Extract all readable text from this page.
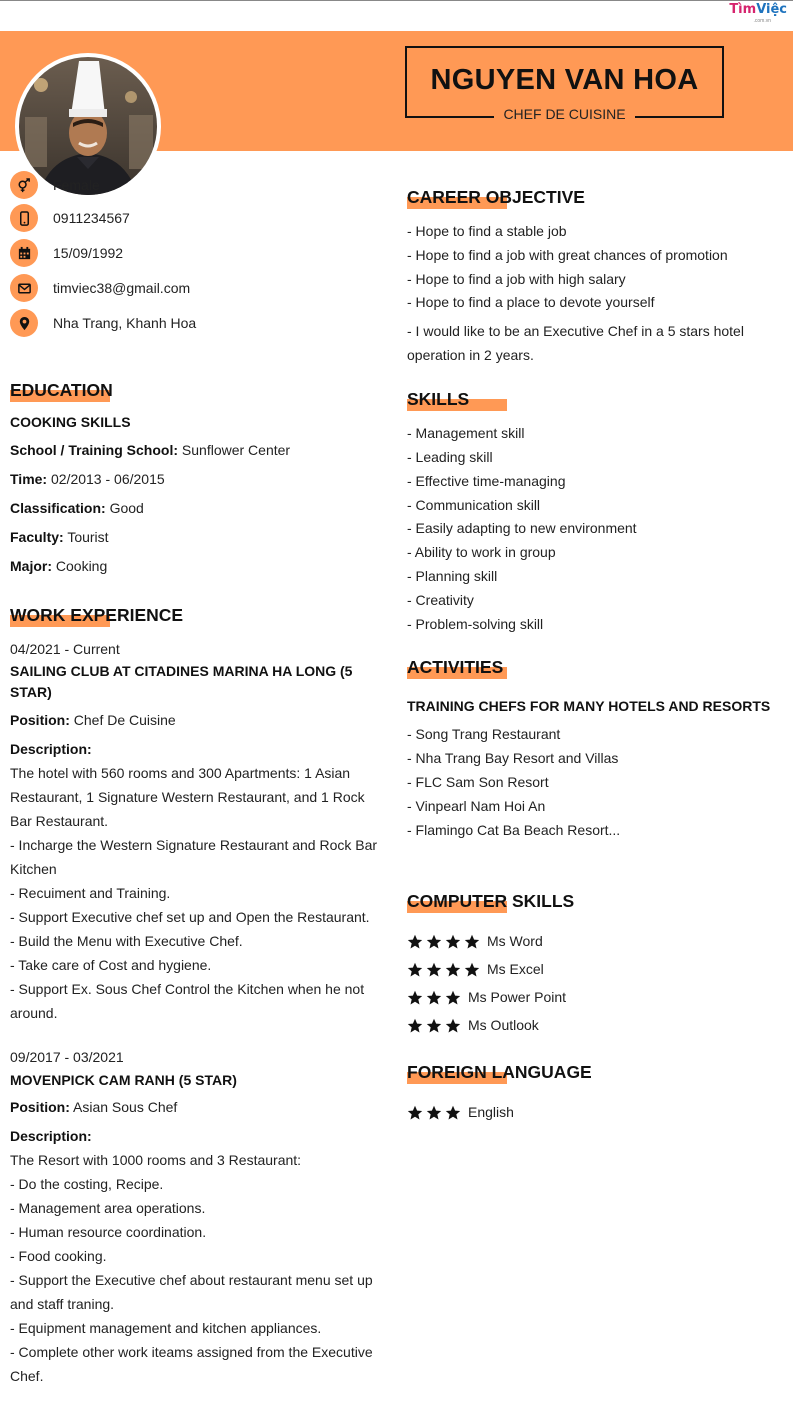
TìmViệc
.com.vn
NGUYEN VAN HOA
CHEF DE CUISINE
Female
0911234567
15/09/1992
timviec38@gmail.com
Nha Trang, Khanh Hoa
EDUCATION
COOKING SKILLS
School / Training School: Sunflower Center
Time: 02/2013 - 06/2015
Classification: Good
Faculty: Tourist
Major: Cooking
WORK EXPERIENCE
04/2021 - Current
SAILING CLUB AT CITADINES MARINA HA LONG (5
STAR)
Position: Chef De Cuisine
Description:
The hotel with 560 rooms and 300 Apartments: 1 Asian
Restaurant, 1 Signature Western Restaurant, and 1 Rock
Bar Restaurant.
- Incharge the Western Signature Restaurant and Rock Bar
Kitchen
- Recuiment and Training.
- Support Executive chef set up and Open the Restaurant.
- Build the Menu with Executive Chef.
- Take care of Cost and hygiene.
- Support Ex. Sous Chef Control the Kitchen when he not
around.
09/2017 - 03/2021
MOVENPICK CAM RANH (5 STAR)
Position: Asian Sous Chef
Description:
The Resort with 1000 rooms and 3 Restaurant:
- Do the costing, Recipe.
- Management area operations.
- Human resource coordination.
- Food cooking.
- Support the Executive chef about restaurant menu set up
and staff traning.
- Equipment management and kitchen appliances.
- Complete other work iteams assigned from the Executive
Chef.
CAREER OBJECTIVE
- Hope to find a stable job
- Hope to find a job with great chances of promotion
- Hope to find a job with high salary
- Hope to find a place to devote yourself
- I would like to be an Executive Chef in a 5 stars hotel
operation in 2 years.
SKILLS
- Management skill
- Leading skill
- Effective time-managing
- Communication skill
- Easily adapting to new environment
- Ability to work in group
- Planning skill
- Creativity
- Problem-solving skill
ACTIVITIES
TRAINING CHEFS FOR MANY HOTELS AND RESORTS
- Song Trang Restaurant
- Nha Trang Bay Resort and Villas
- FLC Sam Son Resort
- Vinpearl Nam Hoi An
- Flamingo Cat Ba Beach Resort...
COMPUTER SKILLS
Ms Word
Ms Excel
Ms Power Point
Ms Outlook
FOREIGN LANGUAGE
English
